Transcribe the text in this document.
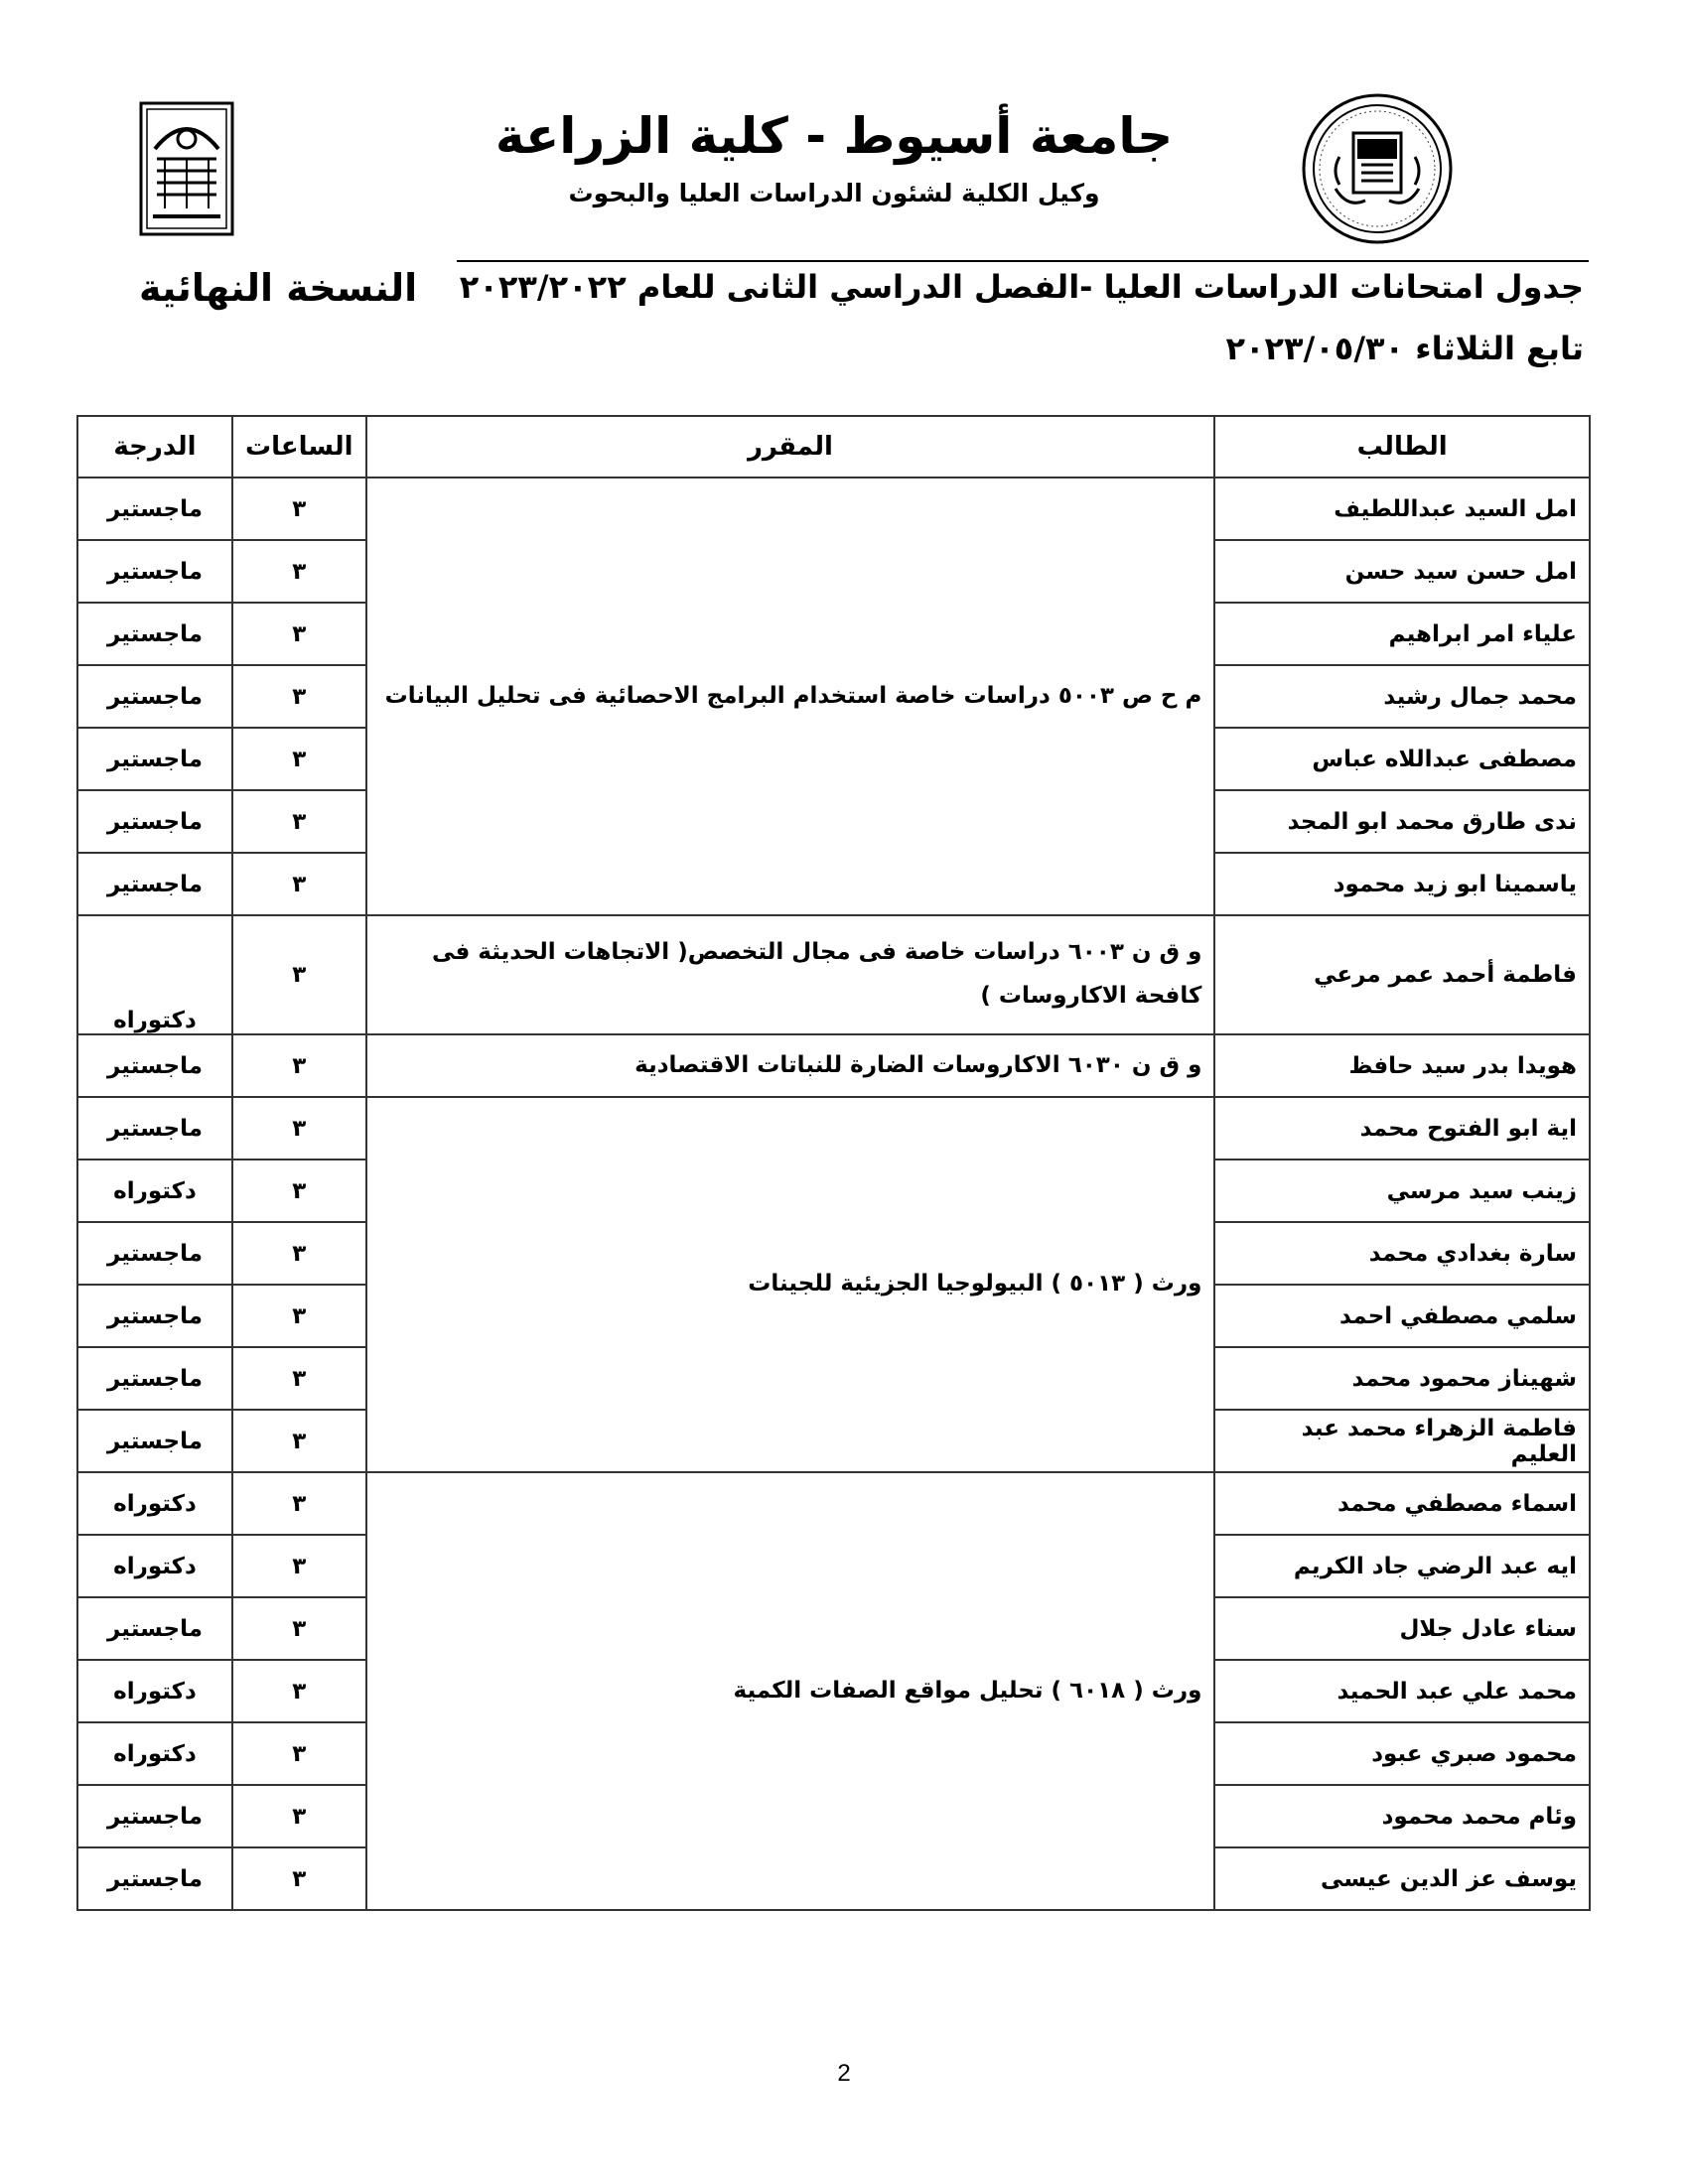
جامعة أسيوط - كلية الزراعة
وكيل الكلية لشئون الدراسات العليا والبحوث
جدول امتحانات الدراسات العليا -الفصل الدراسي الثانى للعام ٢٠٢٣/٢٠٢٢
النسخة النهائية
تابع الثلاثاء ٢٠٢٣/٠٥/٣٠
الطالب	المقرر	الساعات	الدرجة
امل السيد عبداللطيف	م ح ص ٥٠٠٣ دراسات خاصة استخدام البرامج الاحصائية فى تحليل البيانات	٣	ماجستير
امل حسن سيد حسن		٣	ماجستير
علياء امر ابراهيم		٣	ماجستير
محمد جمال رشيد		٣	ماجستير
مصطفى عبداللاه عباس		٣	ماجستير
ندى طارق محمد ابو المجد		٣	ماجستير
ياسمينا ابو زيد محمود		٣	ماجستير
فاطمة أحمد عمر مرعي	و ق ن ٦٠٠٣ دراسات خاصة فى مجال التخصص( الاتجاهات الحديثة فى كافحة الاكاروسات )	٣	دكتوراه
هويدا بدر سيد حافظ	و ق ن ٦٠٣٠ الاكاروسات الضارة للنباتات الاقتصادية	٣	ماجستير
اية ابو الفتوح محمد	ورث ( ٥٠١٣ ) البيولوجيا الجزيئية للجينات	٣	ماجستير
زينب سيد مرسي		٣	دكتوراه
سارة بغدادي محمد		٣	ماجستير
سلمي مصطفي احمد		٣	ماجستير
شهيناز محمود محمد		٣	ماجستير
فاطمة الزهراء محمد عبد العليم		٣	ماجستير
اسماء مصطفي محمد	ورث ( ٦٠١٨ ) تحليل مواقع الصفات الكمية	٣	دكتوراه
ايه عبد الرضي جاد الكريم		٣	دكتوراه
سناء عادل جلال		٣	ماجستير
محمد علي عبد الحميد		٣	دكتوراه
محمود صبري عبود		٣	دكتوراه
وئام محمد محمود		٣	ماجستير
يوسف عز الدين عيسى		٣	ماجستير
2
